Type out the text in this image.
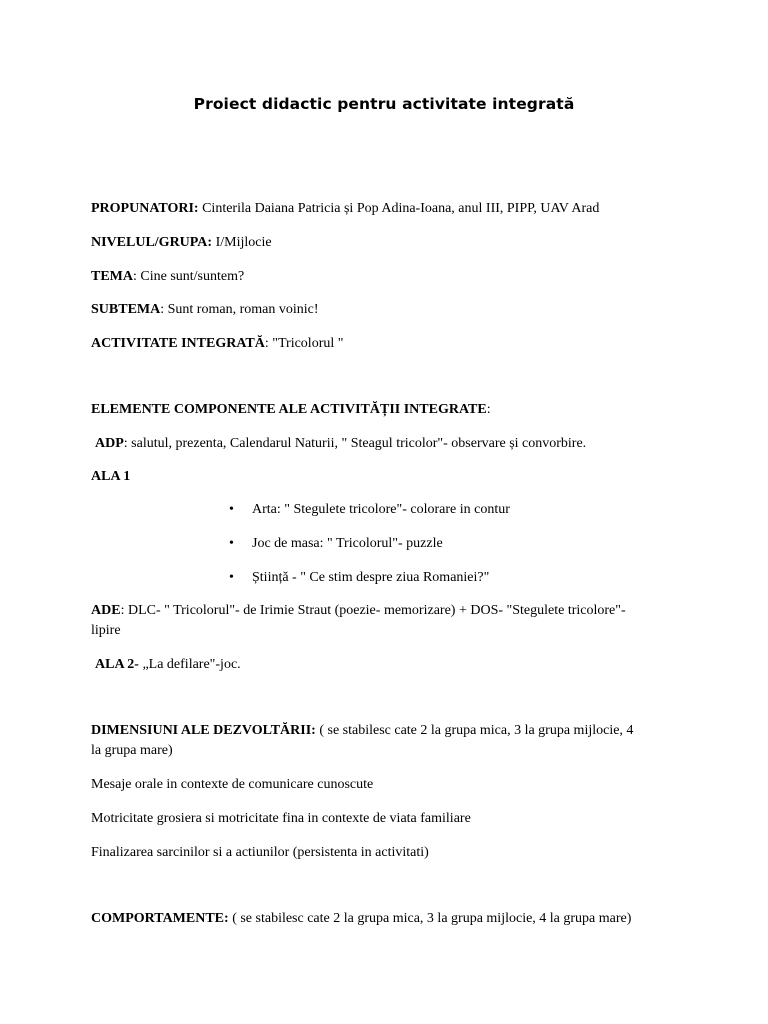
Proiect didactic pentru activitate integrată
PROPUNATORI: Cinterila Daiana Patricia și Pop Adina-Ioana, anul III, PIPP, UAV Arad
NIVELUL/GRUPA: I/Mijlocie
TEMA: Cine sunt/suntem?
SUBTEMA: Sunt roman, roman voinic!
ACTIVITATE INTEGRATĂ: "Tricolorul "
ELEMENTE COMPONENTE ALE ACTIVITĂȚII INTEGRATE:
ADP: salutul, prezenta, Calendarul Naturii, " Steagul tricolor"- observare și convorbire.
ALA 1
• Arta: " Stegulete tricolore"- colorare in contur
• Joc de masa: " Tricolorul"- puzzle
• Știință - " Ce stim despre ziua Romaniei?"
ADE: DLC- " Tricolorul"- de Irimie Straut (poezie- memorizare) + DOS- "Stegulete tricolore"-
lipire
ALA 2- „La defilare"-joc.
DIMENSIUNI ALE DEZVOLTĂRII: ( se stabilesc cate 2 la grupa mica, 3 la grupa mijlocie, 4
la grupa mare)
Mesaje orale in contexte de comunicare cunoscute
Motricitate grosiera si motricitate fina in contexte de viata familiare
Finalizarea sarcinilor si a actiunilor (persistenta in activitati)
COMPORTAMENTE: ( se stabilesc cate 2 la grupa mica, 3 la grupa mijlocie, 4 la grupa mare)
